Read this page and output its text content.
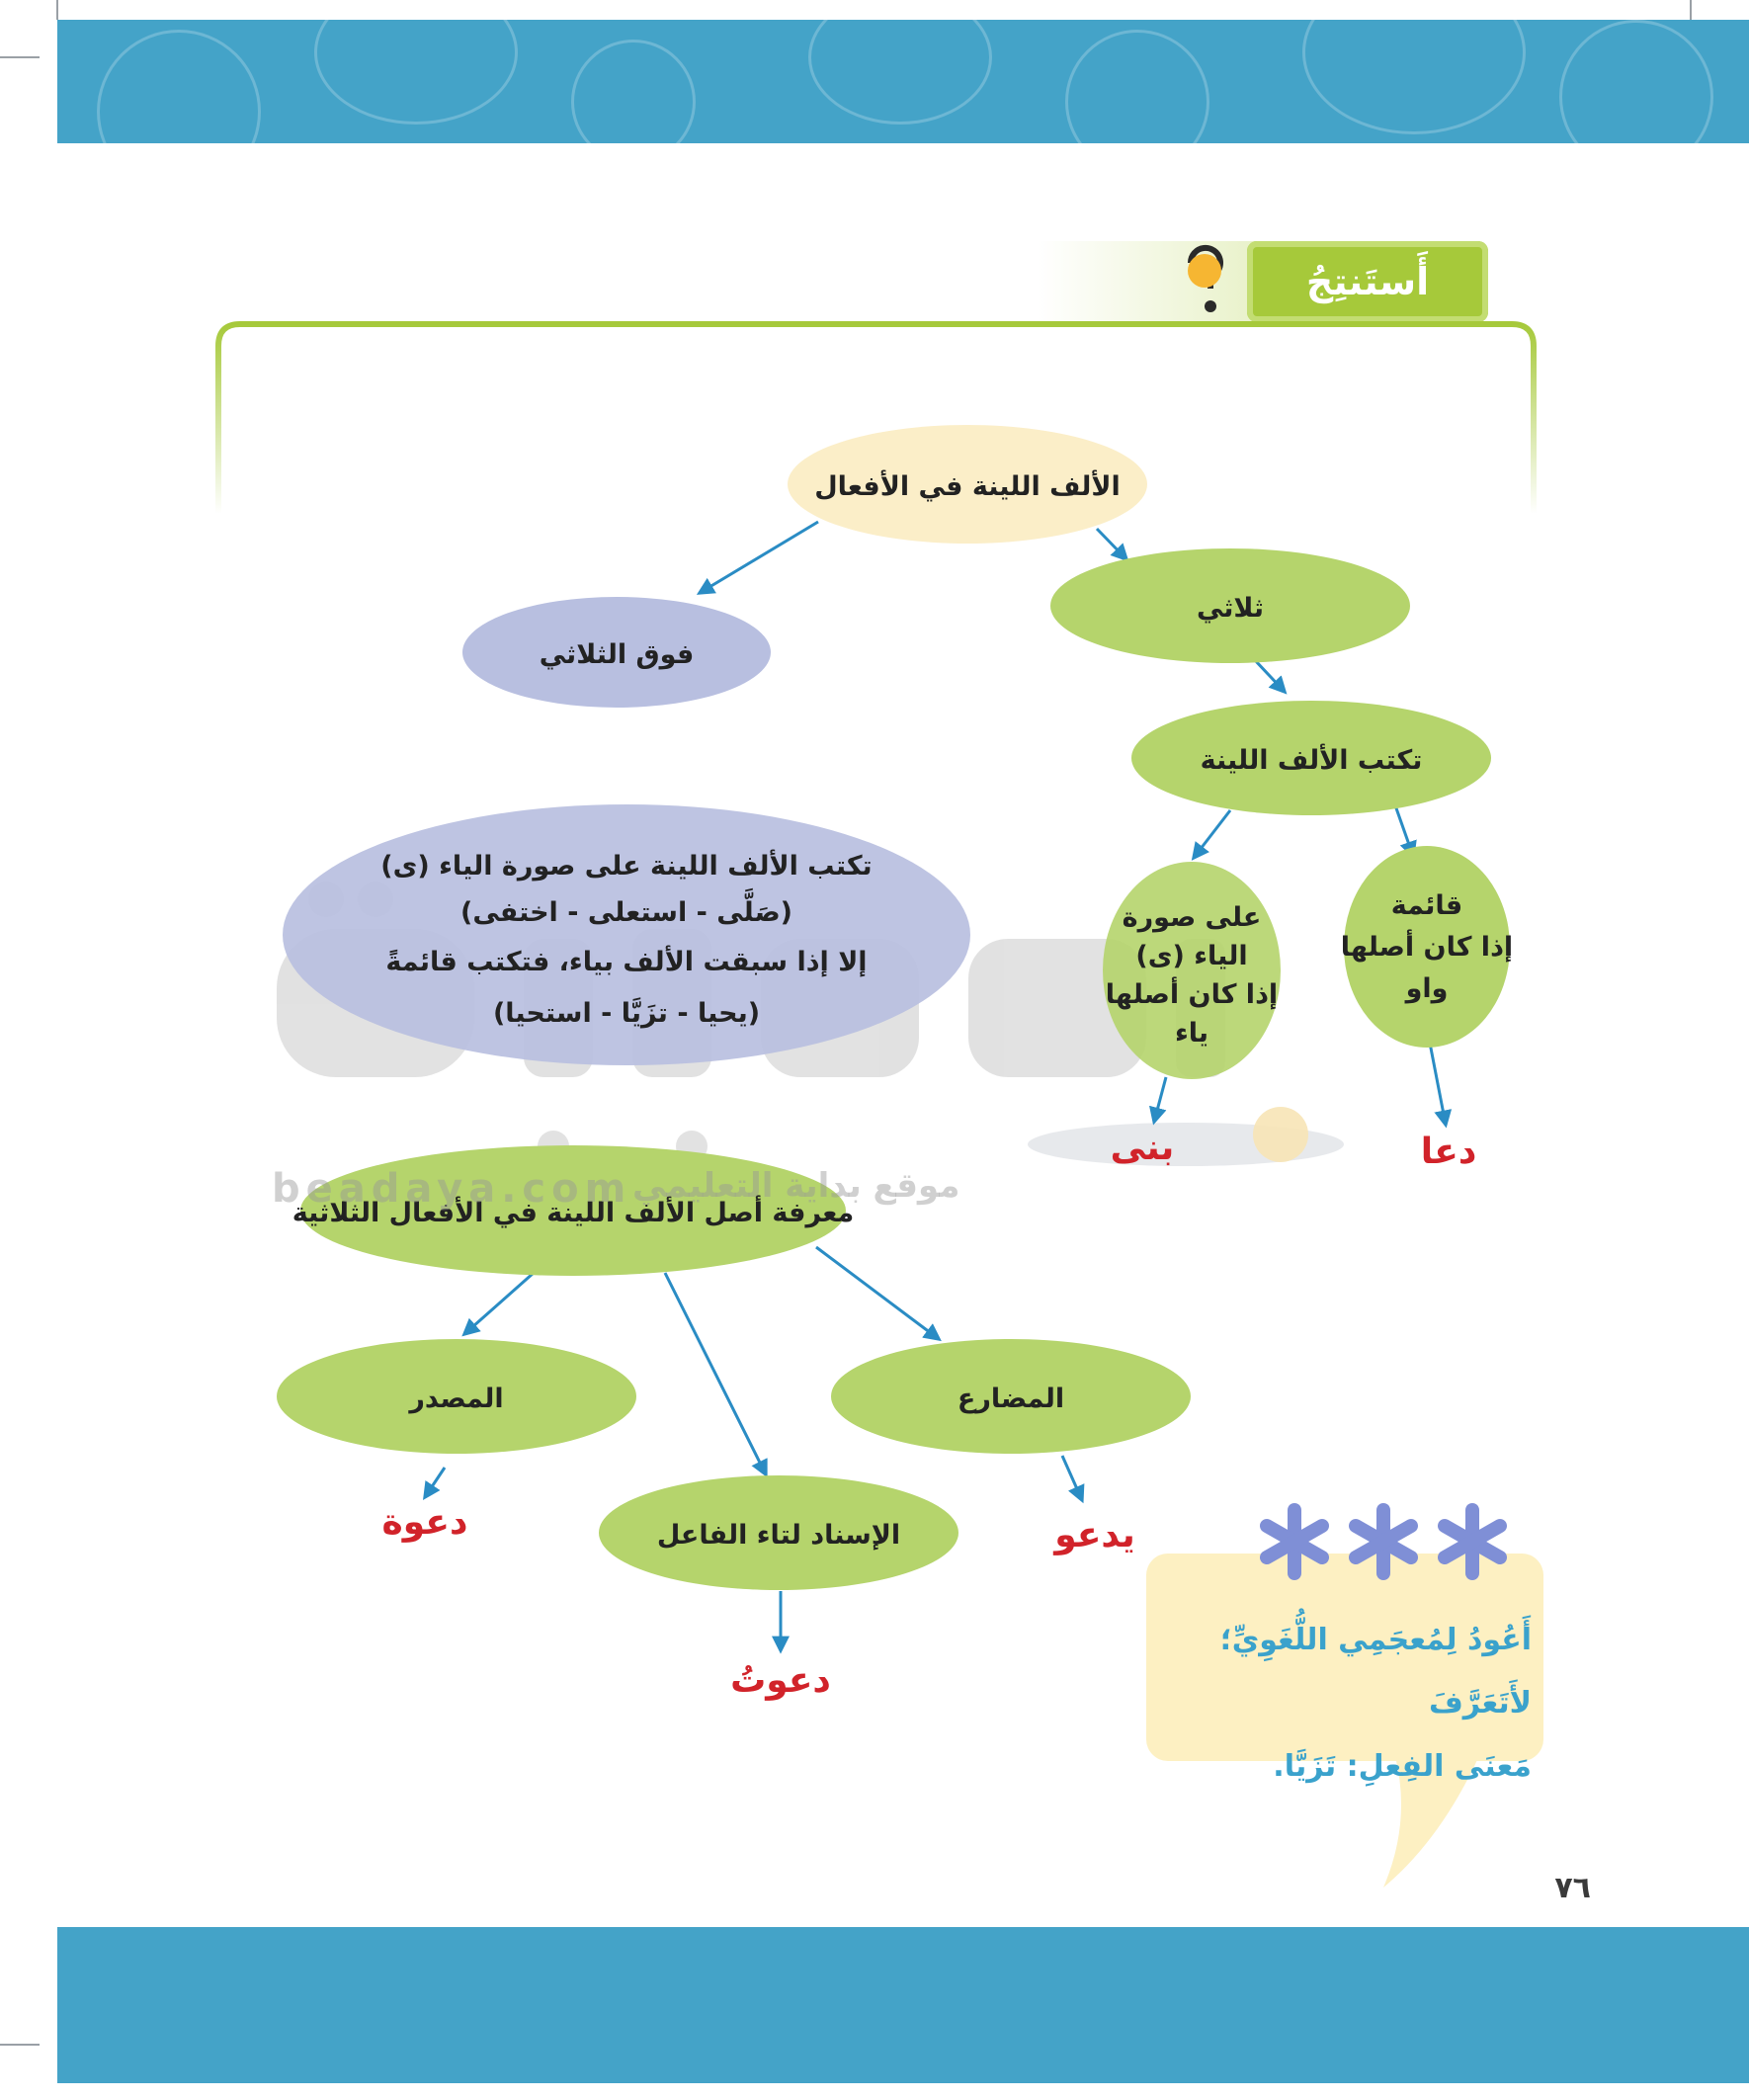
أَستَنتِجُ
الألف اللينة في الأفعال
فوق الثلاثي
ثلاثي
تكتب الألف اللينة
قائمة
إذا كان أصلها
واو
على صورة
الياء (ى)
إذا كان أصلها
ياء
تكتب الألف اللينة على صورة الياء (ى)
(صَلَّى - استعلى - اختفى)
إلا إذا سبقت الألف بياء، فتكتب قائمةً
(يحيا - تزَيَّا - استحيا)
معرفة أصل الألف اللينة في الأفعال الثلاثية
المصدر	المضارع
الإسناد لتاء الفاعل
دعا
بنى
يدعو
دعوة
دعوتُ
beadaya.com موقع بداية التعليمي
أَعُودُ لِمُعجَمِي اللُّغَوِيِّ؛ لأَتَعَرَّفَ
مَعنَى الفِعلِ: تَزَيَّا.
٧٦
